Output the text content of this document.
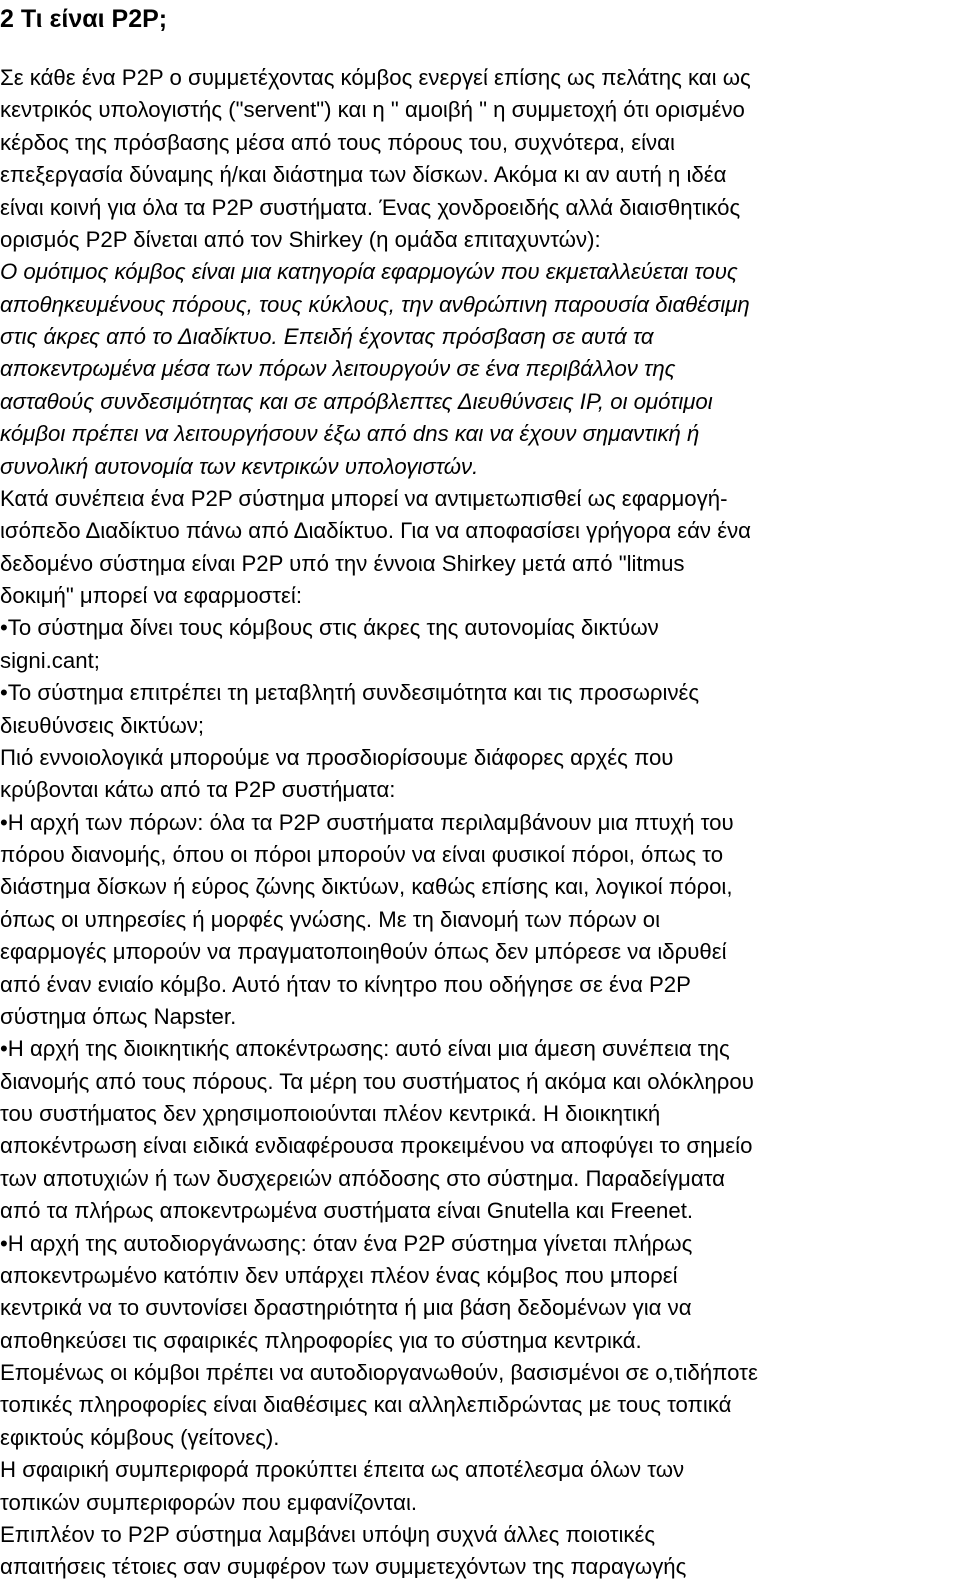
2 Τι είναι P2P;
Σε κάθε ένα P2P ο συμμετέχοντας κόμβος ενεργεί επίσης ως πελάτης και ως
κεντρικός υπολογιστής ("servent") και η " αμοιβή " η συμμετοχή ότι ορισμένο
κέρδος της πρόσβασης μέσα από τους πόρους του, συχνότερα, είναι
επεξεργασία δύναμης ή/και διάστημα των δίσκων. Ακόμα κι αν αυτή η ιδέα
είναι κοινή για όλα τα P2P συστήματα. Ένας χονδροειδής αλλά διαισθητικός
ορισμός P2P δίνεται από τον Shirkey (η ομάδα επιταχυντών):
Ο ομότιμος κόμβος είναι μια κατηγορία εφαρμογών που εκμεταλλεύεται τους
αποθηκευμένους πόρους, τους κύκλους, την ανθρώπινη παρουσία διαθέσιμη
στις άκρες από το Διαδίκτυο. Επειδή έχοντας πρόσβαση σε αυτά τα
αποκεντρωμένα μέσα των πόρων λειτουργούν σε ένα περιβάλλον της
ασταθούς συνδεσιμότητας και σε απρόβλεπτες Διευθύνσεις IP, οι ομότιμοι
κόμβοι πρέπει να λειτουργήσουν έξω από dns και να έχουν σημαντική ή
συνολική αυτονομία των κεντρικών υπολογιστών.
Κατά συνέπεια ένα P2P σύστημα μπορεί να αντιμετωπισθεί ως εφαρμογή-
ισόπεδο Διαδίκτυο πάνω από Διαδίκτυο. Για να αποφασίσει γρήγορα εάν ένα
δεδομένο σύστημα είναι P2P υπό την έννοια Shirkey μετά από "litmus
δοκιμή" μπορεί να εφαρμοστεί:
•Το σύστημα δίνει τους κόμβους στις άκρες της αυτονομίας δικτύων
signi.cant;
•Το σύστημα επιτρέπει τη μεταβλητή συνδεσιμότητα και τις προσωρινές
διευθύνσεις δικτύων;
Πιό εννοιολογικά μπορούμε να προσδιορίσουμε διάφορες αρχές που
κρύβονται κάτω από τα P2P συστήματα:
•Η αρχή των πόρων: όλα τα P2P συστήματα περιλαμβάνουν μια πτυχή του
πόρου διανομής, όπου οι πόροι μπορούν να είναι φυσικοί πόροι, όπως το
διάστημα δίσκων ή εύρος ζώνης δικτύων, καθώς επίσης και, λογικοί πόροι,
όπως οι υπηρεσίες ή μορφές γνώσης. Με τη διανομή των πόρων οι
εφαρμογές μπορούν να πραγματοποιηθούν όπως δεν μπόρεσε να ιδρυθεί
από έναν ενιαίο κόμβο. Αυτό ήταν το κίνητρο που οδήγησε σε ένα P2P
σύστημα όπως Napster.
•Η αρχή της διοικητικής αποκέντρωσης: αυτό είναι μια άμεση συνέπεια της
διανομής από τους πόρους. Τα μέρη του συστήματος ή ακόμα και ολόκληρου
του συστήματος δεν χρησιμοποιούνται πλέον κεντρικά. Η διοικητική
αποκέντρωση είναι ειδικά ενδιαφέρουσα προκειμένου να αποφύγει το σημείο
των αποτυχιών ή των δυσχερειών απόδοσης στο σύστημα. Παραδείγματα
από τα πλήρως αποκεντρωμένα συστήματα είναι Gnutella και Freenet.
•Η αρχή της αυτοδιοργάνωσης: όταν ένα P2P σύστημα γίνεται πλήρως
αποκεντρωμένο κατόπιν δεν υπάρχει πλέον ένας κόμβος που μπορεί
κεντρικά να το συντονίσει δραστηριότητα ή μια βάση δεδομένων για να
αποθηκεύσει τις σφαιρικές πληροφορίες για το σύστημα κεντρικά.
Επομένως οι κόμβοι πρέπει να αυτοδιοργανωθούν, βασισμένοι σε ο,τιδήποτε
τοπικές πληροφορίες είναι διαθέσιμες και αλληλεπιδρώντας με τους τοπικά
εφικτούς κόμβους (γείτονες).
Η σφαιρική συμπεριφορά προκύπτει έπειτα ως αποτέλεσμα όλων των
τοπικών συμπεριφορών που εμφανίζονται.
Επιπλέον το P2P σύστημα λαμβάνει υπόψη συχνά άλλες ποιοτικές
απαιτήσεις τέτοιες σαν συμφέρον των συμμετεχόντων της παραγωγής
